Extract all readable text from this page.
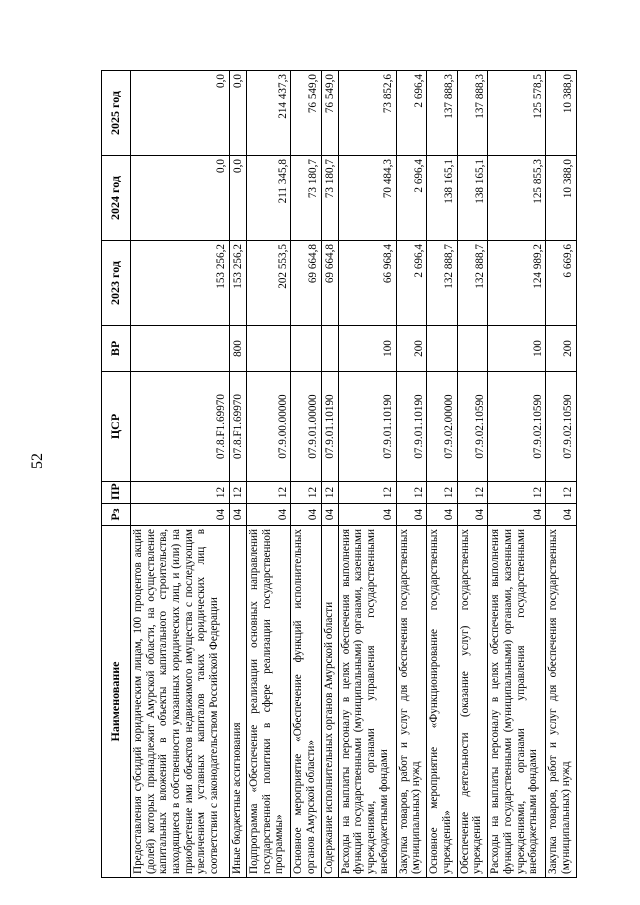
52
Наименование	Рз	ПР	ЦСР	ВР	2023 год	2024 год	2025 год
Предоставления субсидий юридическим лицам, 100 процентов акций (долей) которых принадлежит Амурской области, на осуществление капитальных вложений в объекты капитального строительства, находящиеся в собственности указанных юридических лиц, и (или) на приобретение ими объектов недвижимого имущества с последующим увеличением уставных капиталов таких юридических лиц в соответствии с законодательством Российской Федерации	04	12	07.8.F1.69970		153 256,2	0,0	0,0
Иные бюджетные ассигнования	04	12	07.8.F1.69970	800	153 256,2	0,0	0,0
Подпрограмма «Обеспечение реализации основных направлений государственной политики в сфере реализации государственной программы»	04	12	07.9.00.00000		202 553,5	211 345,8	214 437,3
Основное мероприятие «Обеспечение функций исполнительных органов Амурской области»	04	12	07.9.01.00000		69 664,8	73 180,7	76 549,0
Содержание исполнительных органов Амурской области	04	12	07.9.01.10190		69 664,8	73 180,7	76 549,0
Расходы на выплаты персоналу в целях обеспечения выполнения функций государственными (муниципальными) органами, казенными учреждениями, органами управления государственными внебюджетными фондами	04	12	07.9.01.10190	100	66 968,4	70 484,3	73 852,6
Закупка товаров, работ и услуг для обеспечения государственных (муниципальных) нужд	04	12	07.9.01.10190	200	2 696,4	2 696,4	2 696,4
Основное мероприятие «Функционирование государственных учреждений»	04	12	07.9.02.00000		132 888,7	138 165,1	137 888,3
Обеспечение деятельности (оказание услуг) государственных учреждений	04	12	07.9.02.10590		132 888,7	138 165,1	137 888,3
Расходы на выплаты персоналу в целях обеспечения выполнения функций государственными (муниципальными) органами, казенными учреждениями, органами управления государственными внебюджетными фондами	04	12	07.9.02.10590	100	124 989,2	125 855,3	125 578,5
Закупка товаров, работ и услуг для обеспечения государственных (муниципальных) нужд	04	12	07.9.02.10590	200	6 669,6	10 388,0	10 388,0
